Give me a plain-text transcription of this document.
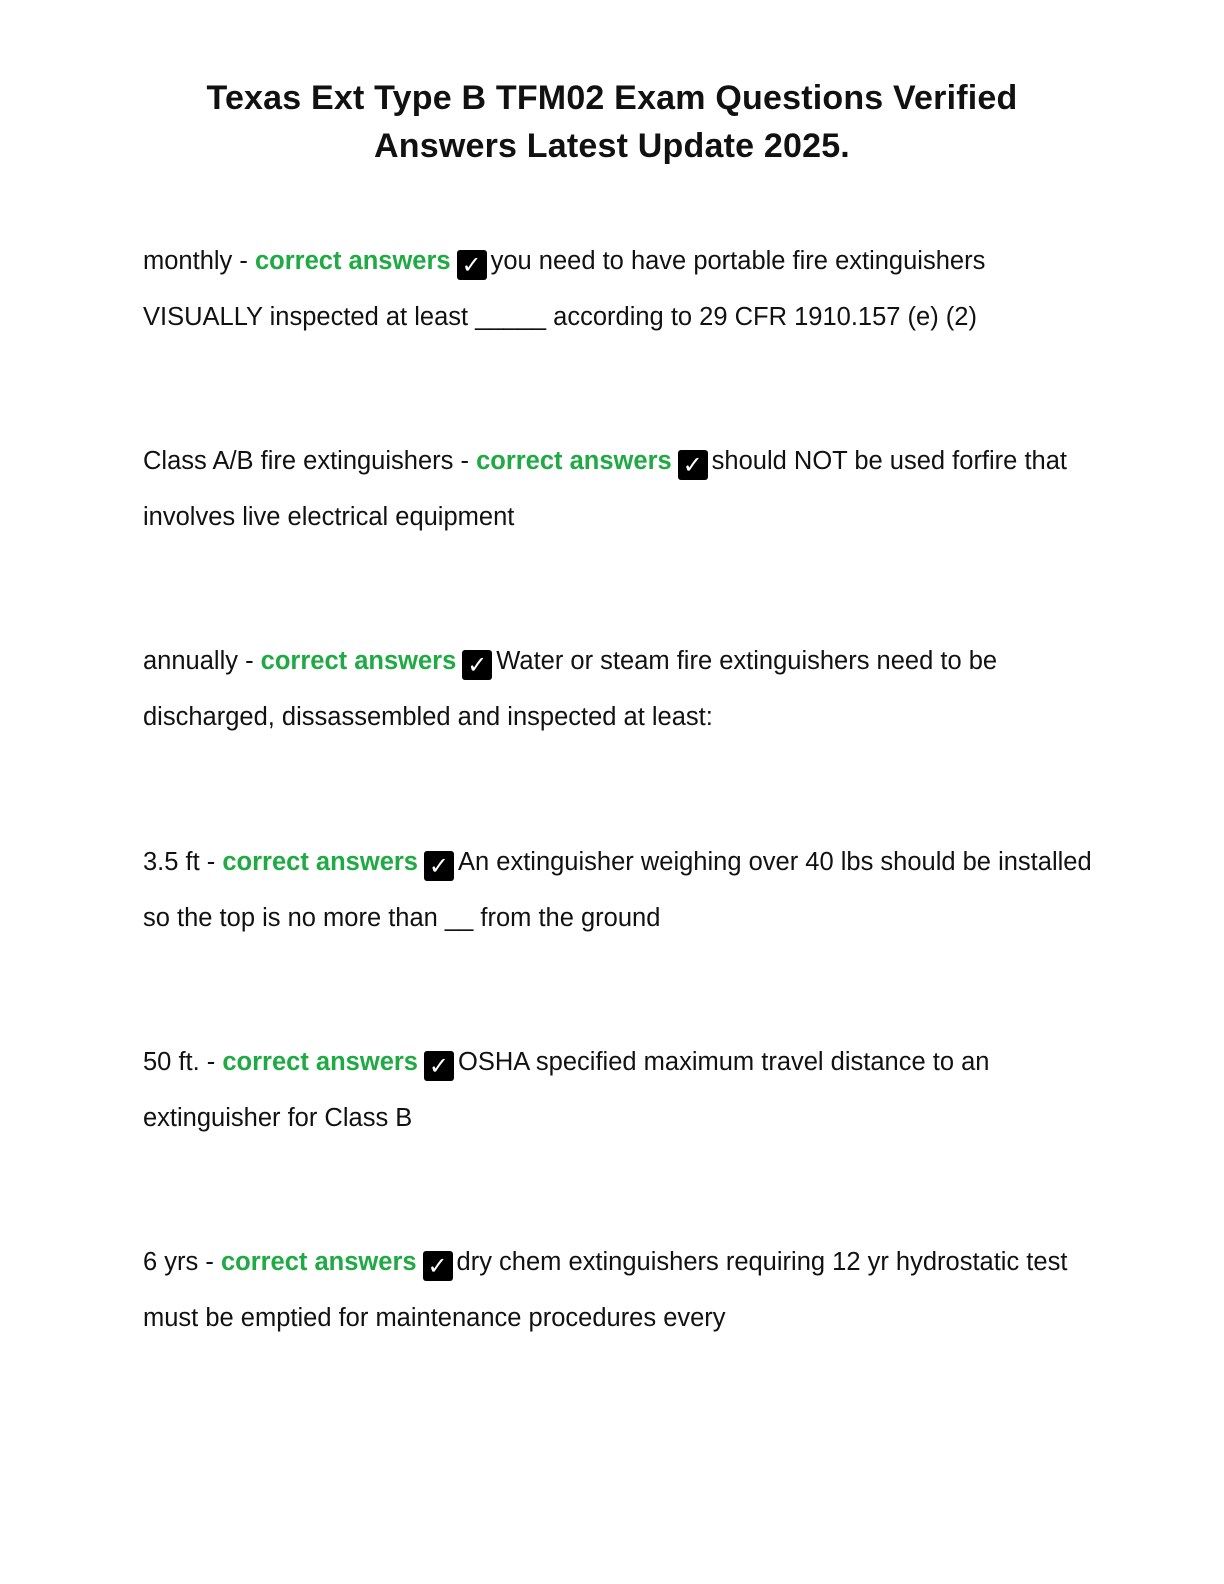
Texas Ext Type B TFM02 Exam Questions Verified
Answers Latest Update 2025.
monthly - correct answers ✓ you need to have portable fire extinguishers VISUALLY inspected at least _____ according to 29 CFR 1910.157 (e) (2)
Class A/B fire extinguishers - correct answers ✓ should NOT be used forfire that involves live electrical equipment
annually - correct answers ✓ Water or steam fire extinguishers need to be discharged, dissassembled and inspected at least:
3.5 ft - correct answers ✓ An extinguisher weighing over 40 lbs should be installed so the top is no more than __ from the ground
50 ft. - correct answers ✓ OSHA specified maximum travel distance to an extinguisher for Class B
6 yrs - correct answers ✓ dry chem extinguishers requiring 12 yr hydrostatic test must be emptied for maintenance procedures every
